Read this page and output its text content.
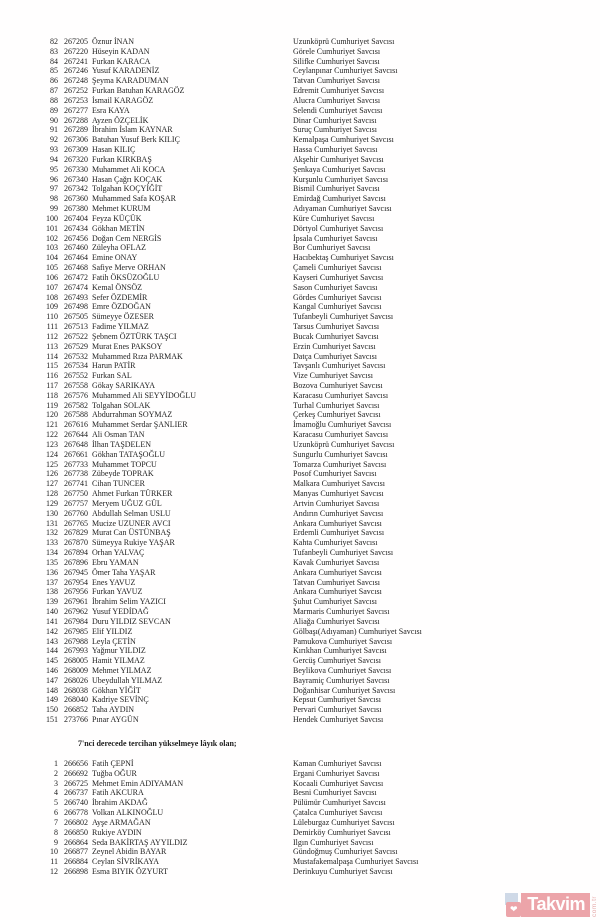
82 267205 Öznur İNAN	Uzunköprü Cumhuriyet Savcısı
83 267220 Hüseyin KADAN	Görele Cumhuriyet Savcısı
84 267241 Furkan KARACA	Silifke Cumhuriyet Savcısı
85 267246 Yusuf KARADENİZ	Ceylanpınar Cumhuriyet Savcısı
86 267248 Şeyma KARADUMAN	Tatvan Cumhuriyet Savcısı
87 267252 Furkan Batuhan KARAGÖZ	Edremit Cumhuriyet Savcısı
88 267253 İsmail KARAGÖZ	Alucra Cumhuriyet Savcısı
89 267277 Esra KAYA	Selendi Cumhuriyet Savcısı
90 267288 Ayzen ÖZÇELİK	Dinar Cumhuriyet Savcısı
91 267289 İbrahim İslam KAYNAR	Suruç Cumhuriyet Savcısı
92 267306 Batuhan Yusuf Berk KILIÇ	Kemalpaşa Cumhuriyet Savcısı
93 267309 Hasan KILIÇ	Hassa Cumhuriyet Savcısı
94 267320 Furkan KIRKBAŞ	Akşehir Cumhuriyet Savcısı
95 267330 Muhammet Ali KOCA	Şenkaya Cumhuriyet Savcısı
96 267340 Hasan Çağrı KOÇAK	Kurşunlu Cumhuriyet Savcısı
97 267342 Tolgahan KOÇYİĞİT	Bismil Cumhuriyet Savcısı
98 267360 Muhammed Safa KOŞAR	Emirdağ Cumhuriyet Savcısı
99 267380 Mehmet KURUM	Adıyaman Cumhuriyet Savcısı
100 267404 Feyza KÜÇÜK	Küre Cumhuriyet Savcısı
101 267434 Gökhan METİN	Dörtyol Cumhuriyet Savcısı
102 267456 Doğan Cem NERGİS	İpsala Cumhuriyet Savcısı
103 267460 Züleyha OFLAZ	Bor Cumhuriyet Savcısı
104 267464 Emine ONAY	Hacıbektaş Cumhuriyet Savcısı
105 267468 Safiye Merve ORHAN	Çameli Cumhuriyet Savcısı
106 267472 Fatih ÖKSÜZOĞLU	Kayseri Cumhuriyet Savcısı
107 267474 Kemal ÖNSÖZ	Sason Cumhuriyet Savcısı
108 267493 Sefer ÖZDEMİR	Gördes Cumhuriyet Savcısı
109 267498 Emre ÖZDOĞAN	Kangal Cumhuriyet Savcısı
110 267505 Sümeyye ÖZESER	Tufanbeyli Cumhuriyet Savcısı
111 267513 Fadime YILMAZ	Tarsus Cumhuriyet Savcısı
112 267522 Şebnem ÖZTÜRK TAŞCI	Bucak Cumhuriyet Savcısı
113 267529 Murat Enes PAKSOY	Erzin Cumhuriyet Savcısı
114 267532 Muhammed Rıza PARMAK	Datça Cumhuriyet Savcısı
115 267534 Harun PATİR	Tavşanlı Cumhuriyet Savcısı
116 267552 Furkan SAL	Vize Cumhuriyet Savcısı
117 267558 Gökay SARIKAYA	Bozova Cumhuriyet Savcısı
118 267576 Muhammed Ali SEYYİDOĞLU	Karacasu Cumhuriyet Savcısı
119 267582 Tolgahan SOLAK	Turhal Cumhuriyet Savcısı
120 267588 Abdurrahman SOYMAZ	Çerkeş Cumhuriyet Savcısı
121 267616 Muhammet Serdar ŞANLIER	İmamoğlu Cumhuriyet Savcısı
122 267644 Ali Osman TAN	Karacasu Cumhuriyet Savcısı
123 267648 İlhan TAŞDELEN	Uzunköprü Cumhuriyet Savcısı
124 267661 Gökhan TATAŞOĞLU	Sungurlu Cumhuriyet Savcısı
125 267733 Muhammet TOPCU	Tomarza Cumhuriyet Savcısı
126 267738 Zübeyde TOPRAK	Posof Cumhuriyet Savcısı
127 267741 Cihan TUNCER	Malkara Cumhuriyet Savcısı
128 267750 Ahmet Furkan TÜRKER	Manyas Cumhuriyet Savcısı
129 267757 Meryem UĞUZ GÜL	Artvin Cumhuriyet Savcısı
130 267760 Abdullah Selman USLU	Andırın Cumhuriyet Savcısı
131 267765 Mucize UZUNER AVCI	Ankara Cumhuriyet Savcısı
132 267829 Murat Can ÜSTÜNBAŞ	Erdemli Cumhuriyet Savcısı
133 267870 Sümeyya Rukiye YAŞAR	Kahta Cumhuriyet Savcısı
134 267894 Orhan YALVAÇ	Tufanbeyli Cumhuriyet Savcısı
135 267896 Ebru YAMAN	Kavak Cumhuriyet Savcısı
136 267945 Ömer Taha YAŞAR	Ankara Cumhuriyet Savcısı
137 267954 Enes YAVUZ	Tatvan Cumhuriyet Savcısı
138 267956 Furkan YAVUZ	Ankara Cumhuriyet Savcısı
139 267961 İbrahim Selim YAZICI	Şuhut Cumhuriyet Savcısı
140 267962 Yusuf YEDİDAĞ	Marmaris Cumhuriyet Savcısı
141 267984 Duru YILDIZ SEVCAN	Aliağa Cumhuriyet Savcısı
142 267985 Elif YILDIZ	Gölbaşı(Adıyaman) Cumhuriyet Savcısı
143 267988 Leyla ÇETİN	Pamukova Cumhuriyet Savcısı
144 267993 Yağmur YILDIZ	Kırıkhan Cumhuriyet Savcısı
145 268005 Hamit YILMAZ	Gercüş Cumhuriyet Savcısı
146 268009 Mehmet YILMAZ	Beylikova Cumhuriyet Savcısı
147 268026 Ubeydullah YILMAZ	Bayramiç Cumhuriyet Savcısı
148 268038 Gökhan YİĞİT	Doğanhisar Cumhuriyet Savcısı
149 268040 Kadriye SEVİNÇ	Kepsut Cumhuriyet Savcısı
150 266852 Taha AYDIN	Pervari Cumhuriyet Savcısı
151 273766 Pınar AYGÜN	Hendek Cumhuriyet Savcısı
7'nci derecede tercihan yükselmeye lâyık olan;
1 266656 Fatih ÇEPNİ	Kaman Cumhuriyet Savcısı
2 266692 Tuğba OĞUR	Ergani Cumhuriyet Savcısı
3 266725 Mehmet Emin ADIYAMAN	Kocaali Cumhuriyet Savcısı
4 266737 Fatih AKCURA	Besni Cumhuriyet Savcısı
5 266740 İbrahim AKDAĞ	Pülümür Cumhuriyet Savcısı
6 266778 Volkan ALKINOĞLU	Çatalca Cumhuriyet Savcısı
7 266802 Ayşe ARMAĞAN	Lüleburgaz Cumhuriyet Savcısı
8 266850 Rukiye AYDIN	Demirköy Cumhuriyet Savcısı
9 266864 Seda BAKİRTAŞ AYYILDIZ	Ilgın Cumhuriyet Savcısı
10 266877 Zeynel Abidin BAYAR	Gündoğmuş Cumhuriyet Savcısı
11 266884 Ceylan SİVRİKAYA	Mustafakemalpaşa Cumhuriyet Savcısı
12 266898 Esma BIYIK ÖZYURT	Derinkuyu Cumhuriyet Savcısı
❤ Takvim com.tr
